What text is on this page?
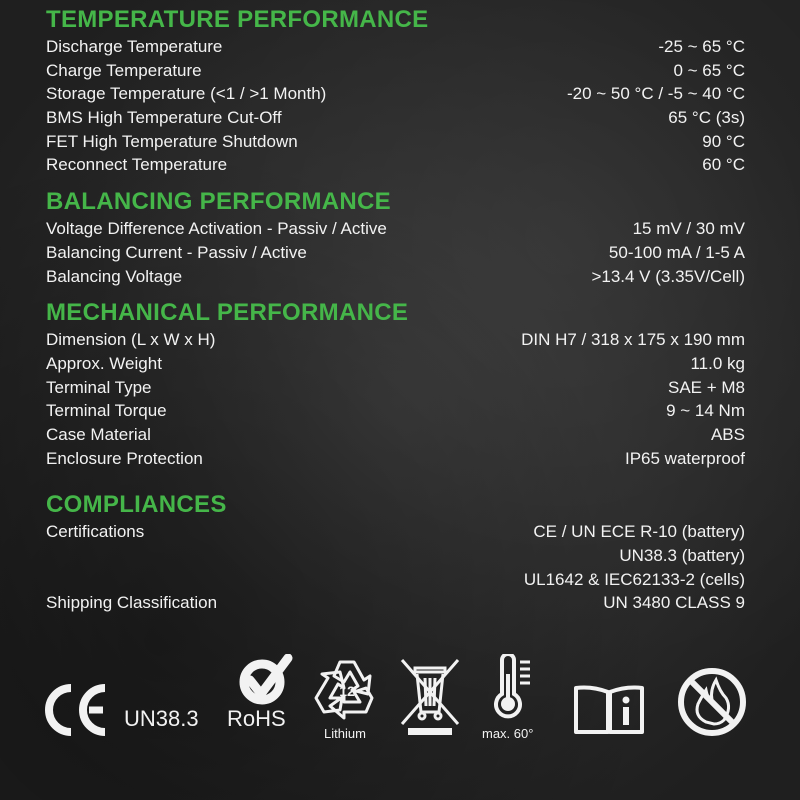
TEMPERATURE PERFORMANCE
Discharge Temperature	-25 ~ 65 °C
Charge Temperature	0 ~ 65 °C
Storage Temperature (<1 / >1 Month)	-20 ~ 50 °C / -5 ~ 40 °C
BMS High Temperature Cut-Off	65 °C (3s)
FET High Temperature Shutdown	90 °C
Reconnect Temperature	60 °C
BALANCING PERFORMANCE
Voltage Difference Activation - Passiv / Active	15 mV / 30 mV
Balancing Current - Passiv / Active	50-100 mA / 1-5 A
Balancing Voltage	>13.4 V (3.35V/Cell)
MECHANICAL PERFORMANCE
Dimension (L x W x H)	DIN H7 / 318 x 175 x 190 mm
Approx. Weight	11.0 kg
Terminal Type	SAE + M8
Terminal Torque	9 ~ 14 Nm
Case Material	ABS
Enclosure Protection	IP65 waterproof
COMPLIANCES
Certifications	CE / UN ECE R-10 (battery)
UN38.3 (battery)
UL1642 & IEC62133-2 (cells)
Shipping Classification	UN 3480 CLASS 9
UN38.3 RoHS
12
Lithium	max. 60°
